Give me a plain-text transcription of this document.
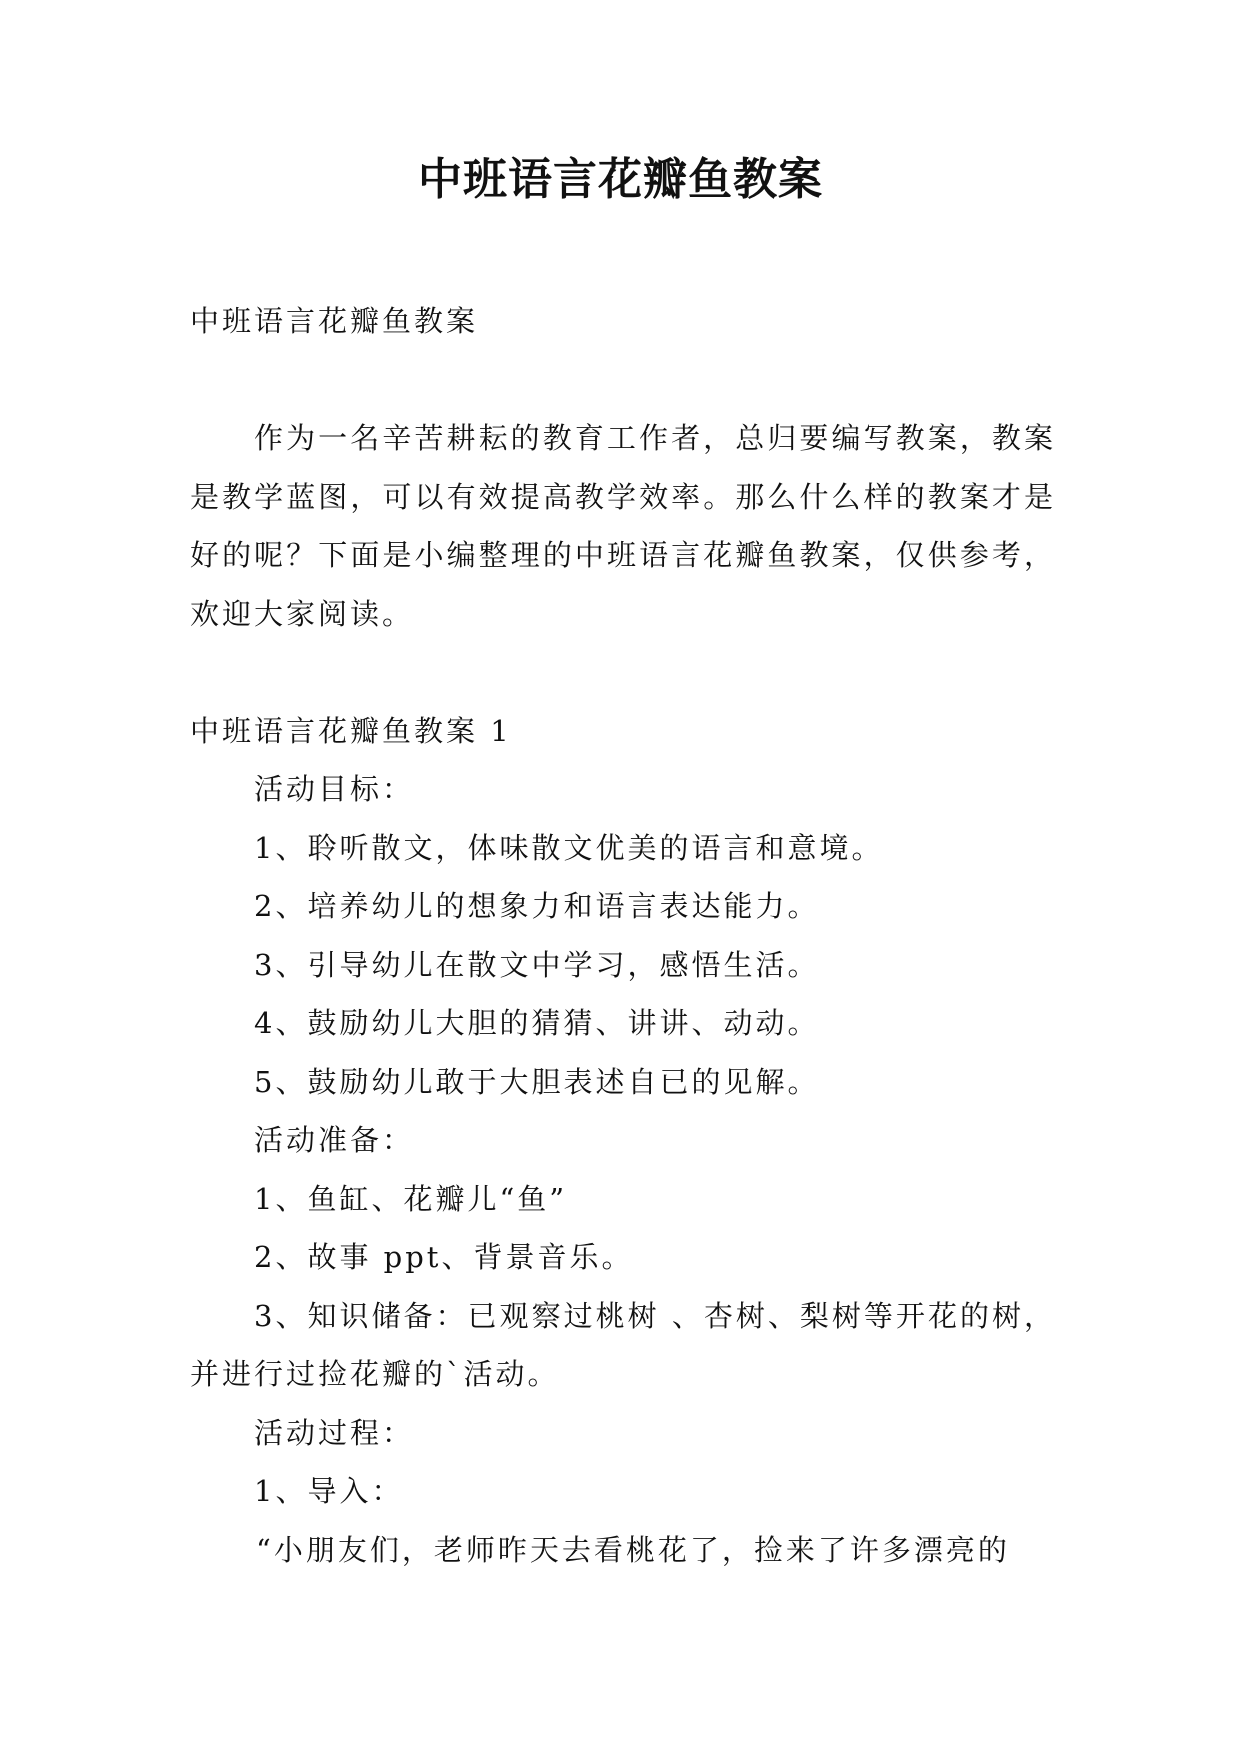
中班语言花瓣鱼教案

中班语言花瓣鱼教案

作为一名辛苦耕耘的教育工作者，总归要编写教案，教案是教学蓝图，可以有效提高教学效率。那么什么样的教案才是好的呢？下面是小编整理的中班语言花瓣鱼教案，仅供参考，欢迎大家阅读。

中班语言花瓣鱼教案 1

活动目标：

1、聆听散文，体味散文优美的语言和意境。

2、培养幼儿的想象力和语言表达能力。

3、引导幼儿在散文中学习，感悟生活。

4、鼓励幼儿大胆的猜猜、讲讲、动动。

5、鼓励幼儿敢于大胆表述自已的见解。

活动准备：

1、鱼缸、花瓣儿“鱼”

2、故事 ppt、背景音乐。

3、知识储备：已观察过桃树 、杏树、梨树等开花的树，并进行过捡花瓣的`活动。

活动过程：

1、导入：

“小朋友们，老师昨天去看桃花了，捡来了许多漂亮的
